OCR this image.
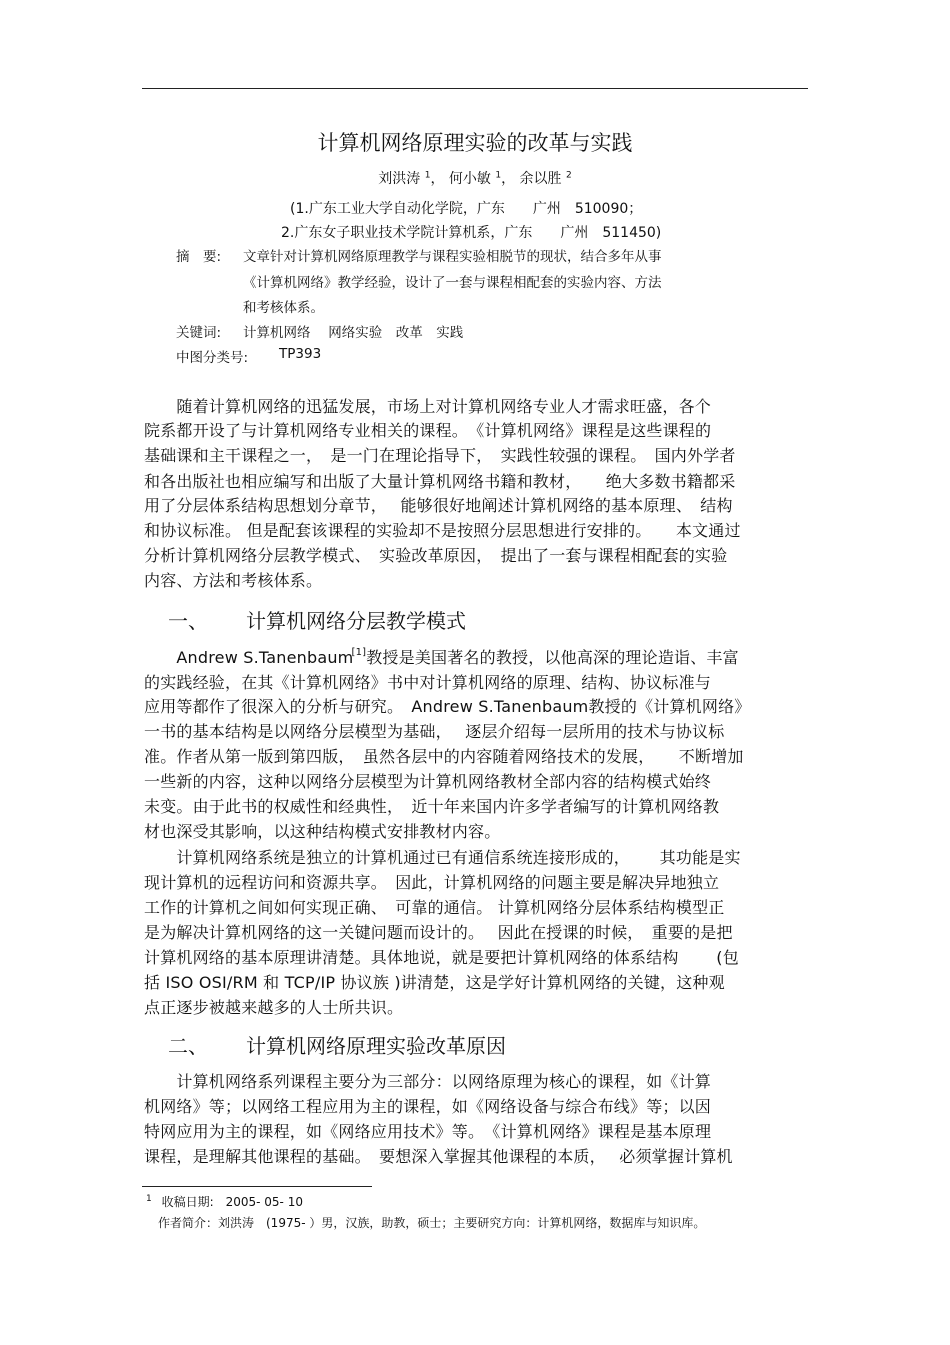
计算机网络原理实验的改革与实践
刘洪涛 $^1$， 何小敏 $^1$， 余以胜 $^2$
(1.广东工业大学自动化学院，广东　　广州　510090；
2.广东女子职业技术学院计算机系，广东　　广州　511450)
摘　要: 文章针对计算机网络原理教学与课程实验相脱节的现状，结合多年从事
《计算机网络》教学经验，设计了一套与课程相配套的实验内容、方法
和考核体系。
关键词: 计算机网络　 网络实验　改革　实践
中图分类号: TP393
　　随着计算机网络的迅猛发展，市场上对计算机网络专业人才需求旺盛，各个
院系都开设了与计算机网络专业相关的课程。　《计算机网络》课程是这些课程的
基础课和主干课程之一，　是一门在理论指导下，　实践性较强的课程。　国内外学者
和各出版社也相应编写和出版了大量计算机网络书籍和教材，　　绝大多数书籍都采
用了分层体系结构思想划分章节，　 能够很好地阐述计算机网络的基本原理、　结构
和协议标准。 但是配套该课程的实验却不是按照分层思想进行安排的。　　本文通过
分析计算机网络分层教学模式、　实验改革原因，　提出了一套与课程相配套的实验
内容、方法和考核体系。
一、 计算机网络分层教学模式
　　Andrew S.Tanenbaum[1]教授是美国著名的教授，以他高深的理论造诣、丰富
的实践经验，在其《计算机网络》书中对计算机网络的原理、结构、协议标准与
应用等都作了很深入的分析与研究。　Andrew S.Tanenbaum教授的《计算机网络》
一书的基本结构是以网络分层模型为基础，　 逐层介绍每一层所用的技术与协议标
准。作者从第一版到第四版，　虽然各层中的内容随着网络技术的发展，　　不断增加
一些新的内容，这种以网络分层模型为计算机网络教材全部内容的结构模式始终
未变。由于此书的权威性和经典性，　近十年来国内许多学者编写的计算机网络教
材也深受其影响，以这种结构模式安排教材内容。
　　计算机网络系统是独立的计算机通过已有通信系统连接形成的，　　 其功能是实
现计算机的远程访问和资源共享。　因此，计算机网络的问题主要是解决异地独立
工作的计算机之间如何实现正确、　可靠的通信。 计算机网络分层体系结构模型正
是为解决计算机网络的这一关键问题而设计的。　 因此在授课的时候，　重要的是把
计算机网络的基本原理讲清楚。具体地说，就是要把计算机网络的体系结构　　 (包
括 ISO OSI/RM 和 TCP/IP 协议族 )讲清楚，这是学好计算机网络的关键，这种观
点正逐步被越来越多的人士所共识。
二、 计算机网络原理实验改革原因
　　计算机网络系列课程主要分为三部分：以网络原理为核心的课程，如《计算
机网络》等；以网络工程应用为主的课程，如《网络设备与综合布线》等；以因
特网应用为主的课程，如《网络应用技术》等。　《计算机网络》课程是基本原理
课程，是理解其他课程的基础。　要想深入掌握其他课程的本质，　 必须掌握计算机
$^1$ 收稿日期:　2005- 05- 10
作者简介：刘洪涛　(1975- ）男，汉族，助教，硕士；主要研究方向：计算机网络，数据库与知识库。
